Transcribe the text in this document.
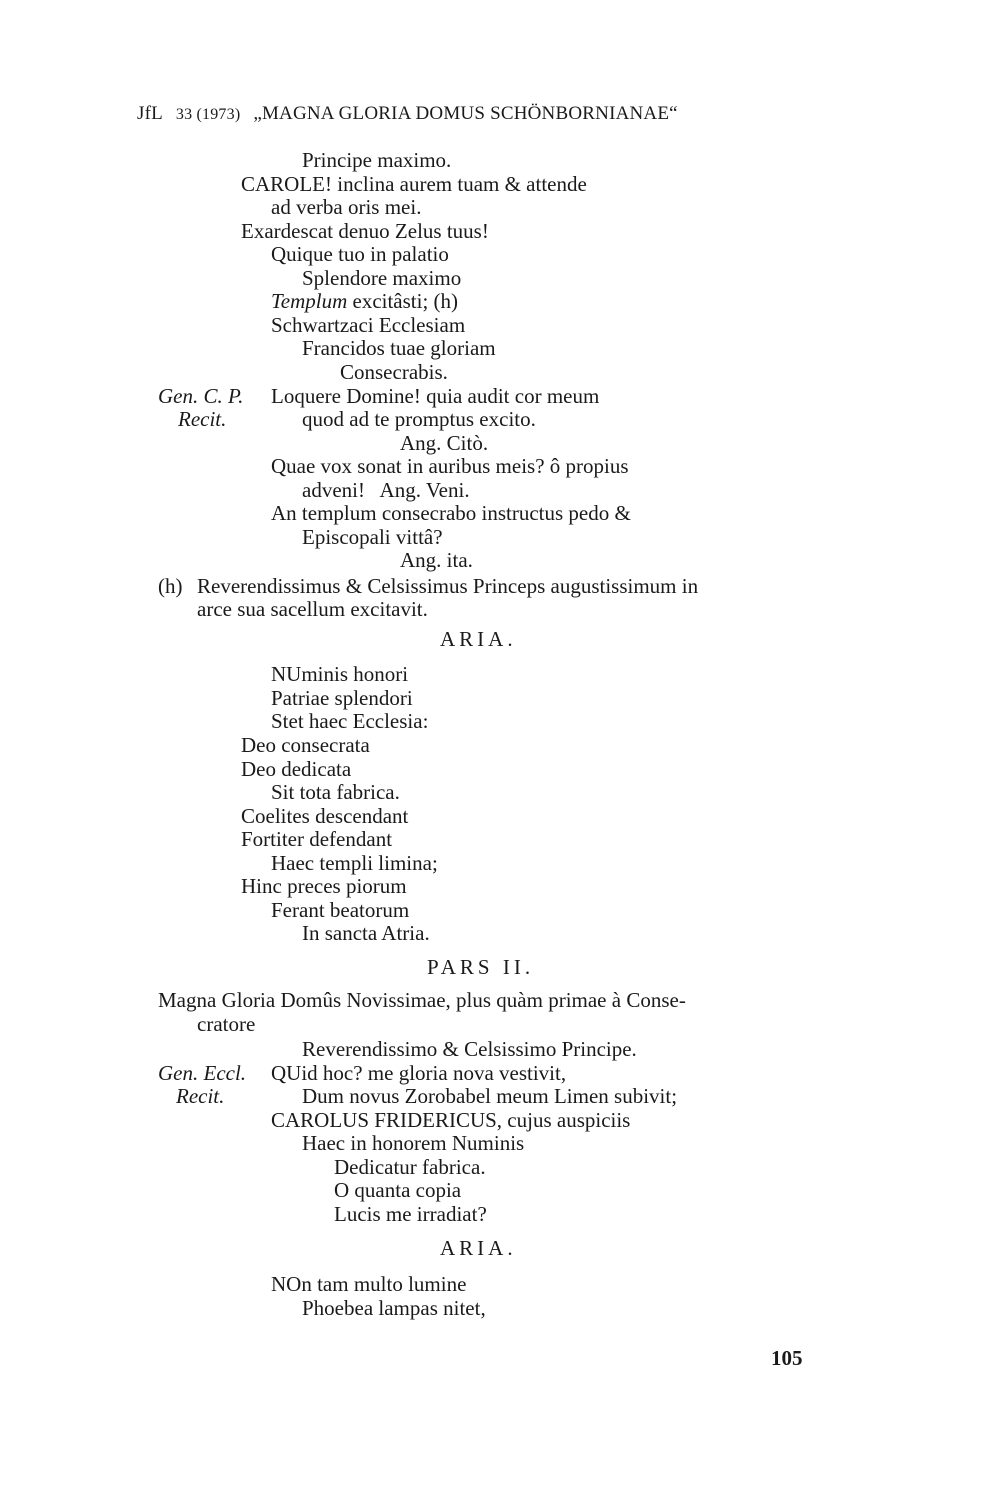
JfL 33 (1973) „MAGNA GLORIA DOMUS SCHÖNBORNIANAE“
Principe maximo.
CAROLE! inclina aurem tuam & attende
ad verba oris mei.
Exardescat denuo Zelus tuus!
Quique tuo in palatio
Splendore maximo
Templum excitâsti; (h)
Schwartzaci Ecclesiam
Francidos tuae gloriam
Consecrabis.
Gen. C. P.
Recit.
Loquere Domine! quia audit cor meum
quod ad te promptus excito.
Ang. Citò.
Quae vox sonat in auribus meis? ô propius
adveni!   Ang. Veni.
An templum consecrabo instructus pedo &
Episcopali vittâ?
Ang. ita.
(h) Reverendissimus & Celsissimus Princeps augustissimum in
arce sua sacellum excitavit.
ARIA.
NUminis honori
Patriae splendori
Stet haec Ecclesia:
Deo consecrata
Deo dedicata
Sit tota fabrica.
Coelites descendant
Fortiter defendant
Haec templi limina;
Hinc preces piorum
Ferant beatorum
In sancta Atria.
PARS II.
Magna Gloria Domûs Novissimae, plus quàm primae à Conse-
cratore
Reverendissimo & Celsissimo Principe.
Gen. Eccl.
Recit.
QUid hoc? me gloria nova vestivit,
Dum novus Zorobabel meum Limen subivit;
CAROLUS FRIDERICUS, cujus auspiciis
Haec in honorem Numinis
Dedicatur fabrica.
O quanta copia
Lucis me irradiat?
ARIA.
NOn tam multo lumine
Phoebea lampas nitet,
105
